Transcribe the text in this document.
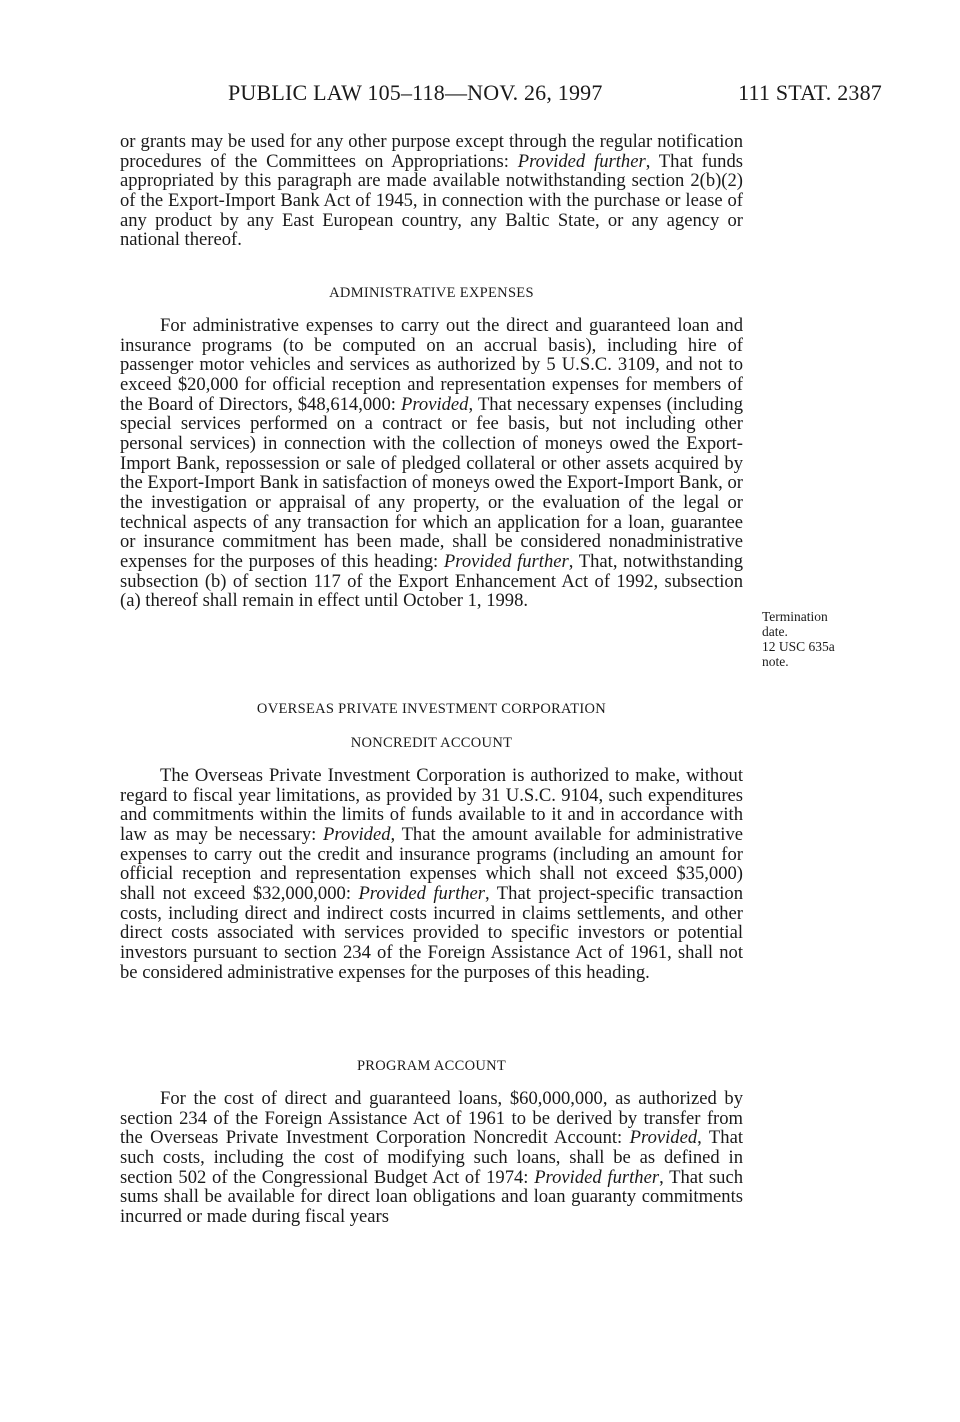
PUBLIC LAW 105–118—NOV. 26, 1997	111 STAT. 2387

or grants may be used for any other purpose except through the regular notification procedures of the Committees on Appropriations: Provided further, That funds appropriated by this paragraph are made available notwithstanding section 2(b)(2) of the Export-Import Bank Act of 1945, in connection with the purchase or lease of any product by any East European country, any Baltic State, or any agency or national thereof.

ADMINISTRATIVE EXPENSES

For administrative expenses to carry out the direct and guaranteed loan and insurance programs (to be computed on an accrual basis), including hire of passenger motor vehicles and services as authorized by 5 U.S.C. 3109, and not to exceed $20,000 for official reception and representation expenses for members of the Board of Directors, $48,614,000: Provided, That necessary expenses (including special services performed on a contract or fee basis, but not including other personal services) in connection with the collection of moneys owed the Export-Import Bank, repossession or sale of pledged collateral or other assets acquired by the Export-Import Bank in satisfaction of moneys owed the Export-Import Bank, or the investigation or appraisal of any property, or the evaluation of the legal or technical aspects of any transaction for which an application for a loan, guarantee or insurance commitment has been made, shall be considered nonadministrative expenses for the purposes of this heading: Provided further, That, notwithstanding subsection (b) of section 117 of the Export Enhancement Act of 1992, subsection (a) thereof shall remain in effect until October 1, 1998.

Termination
date.
12 USC 635a
note.

OVERSEAS PRIVATE INVESTMENT CORPORATION

NONCREDIT ACCOUNT

The Overseas Private Investment Corporation is authorized to make, without regard to fiscal year limitations, as provided by 31 U.S.C. 9104, such expenditures and commitments within the limits of funds available to it and in accordance with law as may be necessary: Provided, That the amount available for administrative expenses to carry out the credit and insurance programs (including an amount for official reception and representation expenses which shall not exceed $35,000) shall not exceed $32,000,000: Provided further, That project-specific transaction costs, including direct and indirect costs incurred in claims settlements, and other direct costs associated with services provided to specific investors or potential investors pursuant to section 234 of the Foreign Assistance Act of 1961, shall not be considered administrative expenses for the purposes of this heading.

PROGRAM ACCOUNT

For the cost of direct and guaranteed loans, $60,000,000, as authorized by section 234 of the Foreign Assistance Act of 1961 to be derived by transfer from the Overseas Private Investment Corporation Noncredit Account: Provided, That such costs, including the cost of modifying such loans, shall be as defined in section 502 of the Congressional Budget Act of 1974: Provided further, That such sums shall be available for direct loan obligations and loan guaranty commitments incurred or made during fiscal years
